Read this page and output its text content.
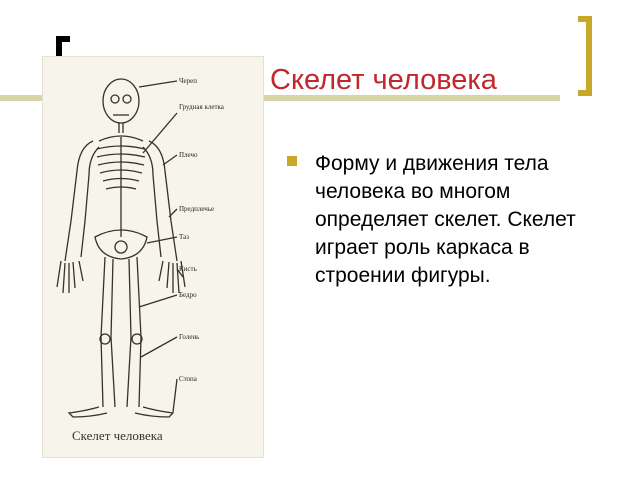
Скелет человека
Череп
Грудная клетка
Плечо
Предплечье
Таз
Кисть
Бедро
Голень
Стопа
Скелет человека
Форму и движения тела человека во многом определяет скелет. Скелет играет роль каркаса в строении фигуры.
